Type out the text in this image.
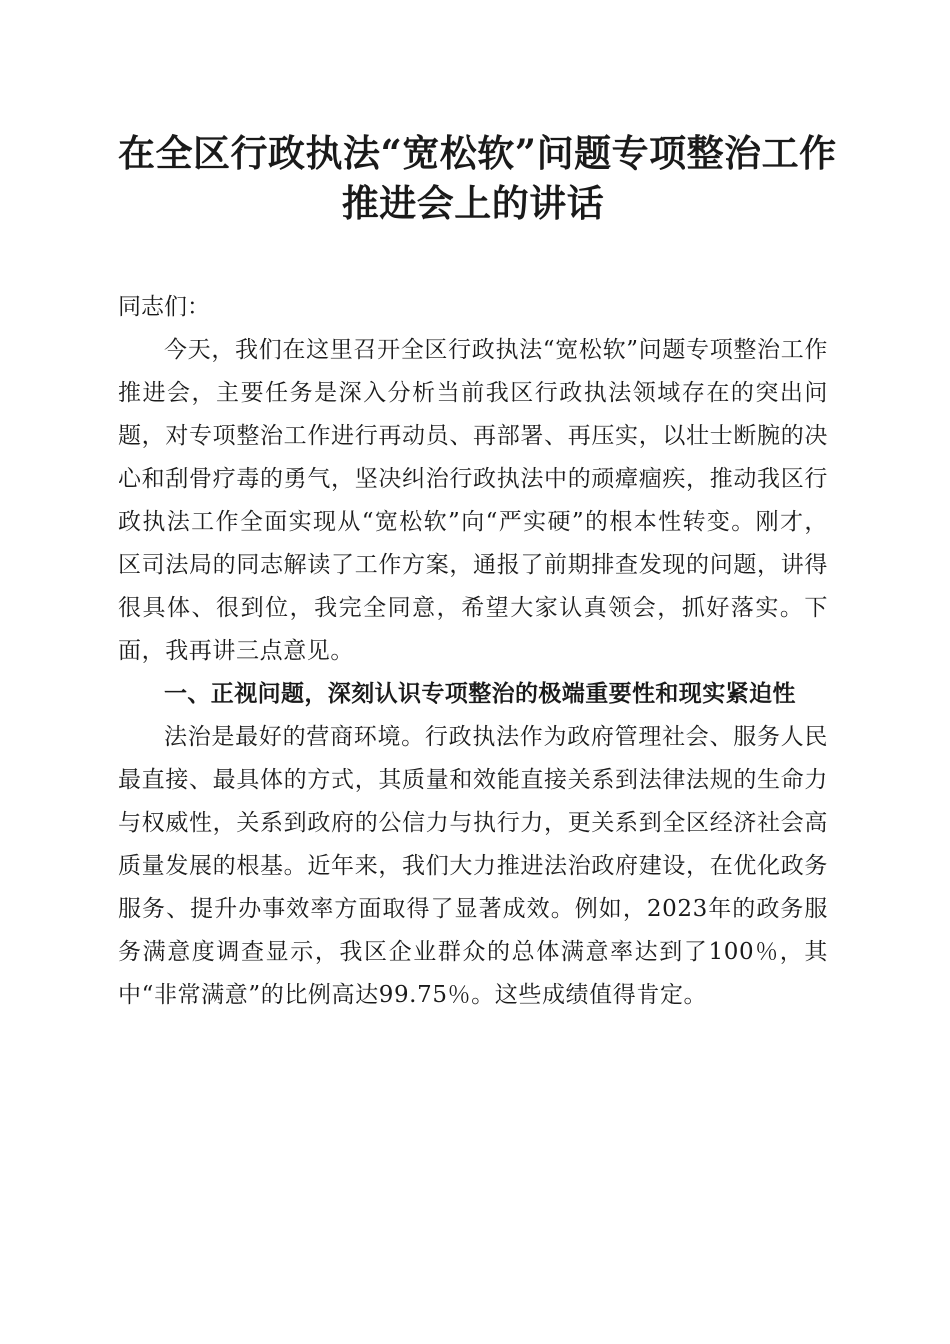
在全区行政执法“宽松软”问题专项整治工作
推进会上的讲话

同志们：

今天，我们在这里召开全区行政执法“宽松软”问题专项整治工作推进会，主要任务是深入分析当前我区行政执法领域存在的突出问题，对专项整治工作进行再动员、再部署、再压实，以壮士断腕的决心和刮骨疗毒的勇气，坚决纠治行政执法中的顽瘴痼疾，推动我区行政执法工作全面实现从“宽松软”向“严实硬”的根本性转变。刚才，区司法局的同志解读了工作方案，通报了前期排查发现的问题，讲得很具体、很到位，我完全同意，希望大家认真领会，抓好落实。下面，我再讲三点意见。

一、正视问题，深刻认识专项整治的极端重要性和现实紧迫性

法治是最好的营商环境。行政执法作为政府管理社会、服务人民最直接、最具体的方式，其质量和效能直接关系到法律法规的生命力与权威性，关系到政府的公信力与执行力，更关系到全区经济社会高质量发展的根基。近年来，我们大力推进法治政府建设，在优化政务服务、提升办事效率方面取得了显著成效。例如，2023年的政务服务满意度调查显示，我区企业群众的总体满意率达到了100％，其中“非常满意”的比例高达99.75％。这些成绩值得肯定。
